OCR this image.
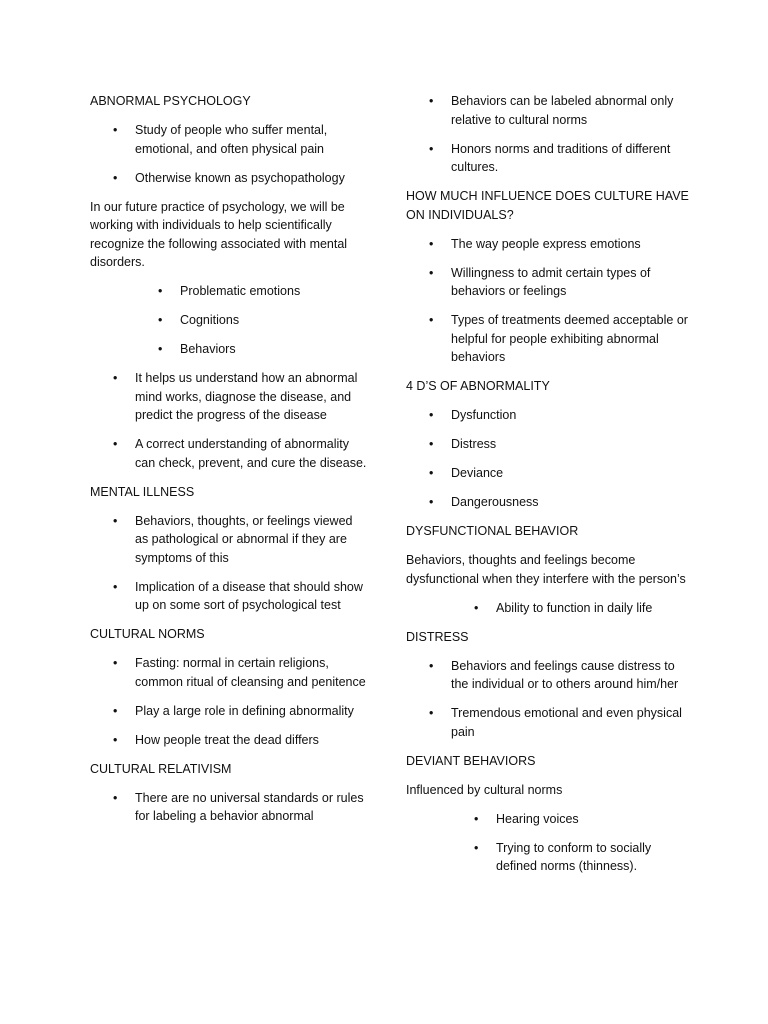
ABNORMAL PSYCHOLOGY

• Study of people who suffer mental, emotional, and often physical pain
• Otherwise known as psychopathology

In our future practice of psychology, we will be working with individuals to help scientifically recognize the following associated with mental disorders.

• Problematic emotions
• Cognitions
• Behaviors
• It helps us understand how an abnormal mind works, diagnose the disease, and predict the progress of the disease
• A correct understanding of abnormality can check, prevent, and cure the disease.

MENTAL ILLNESS

• Behaviors, thoughts, or feelings viewed as pathological or abnormal if they are symptoms of this
• Implication of a disease that should show up on some sort of psychological test

CULTURAL NORMS

• Fasting: normal in certain religions, common ritual of cleansing and penitence
• Play a large role in defining abnormality
• How people treat the dead differs

CULTURAL RELATIVISM

• There are no universal standards or rules for labeling a behavior abnormal
• Behaviors can be labeled abnormal only relative to cultural norms
• Honors norms and traditions of different cultures.

HOW MUCH INFLUENCE DOES CULTURE HAVE ON INDIVIDUALS?

• The way people express emotions
• Willingness to admit certain types of behaviors or feelings
• Types of treatments deemed acceptable or helpful for people exhibiting abnormal behaviors

4 D’S OF ABNORMALITY

• Dysfunction
• Distress
• Deviance
• Dangerousness

DYSFUNCTIONAL BEHAVIOR

Behaviors, thoughts and feelings become dysfunctional when they interfere with the person’s

• Ability to function in daily life

DISTRESS

• Behaviors and feelings cause distress to the individual or to others around him/her
• Tremendous emotional and even physical pain

DEVIANT BEHAVIORS

Influenced by cultural norms

• Hearing voices
• Trying to conform to socially defined norms (thinness).
